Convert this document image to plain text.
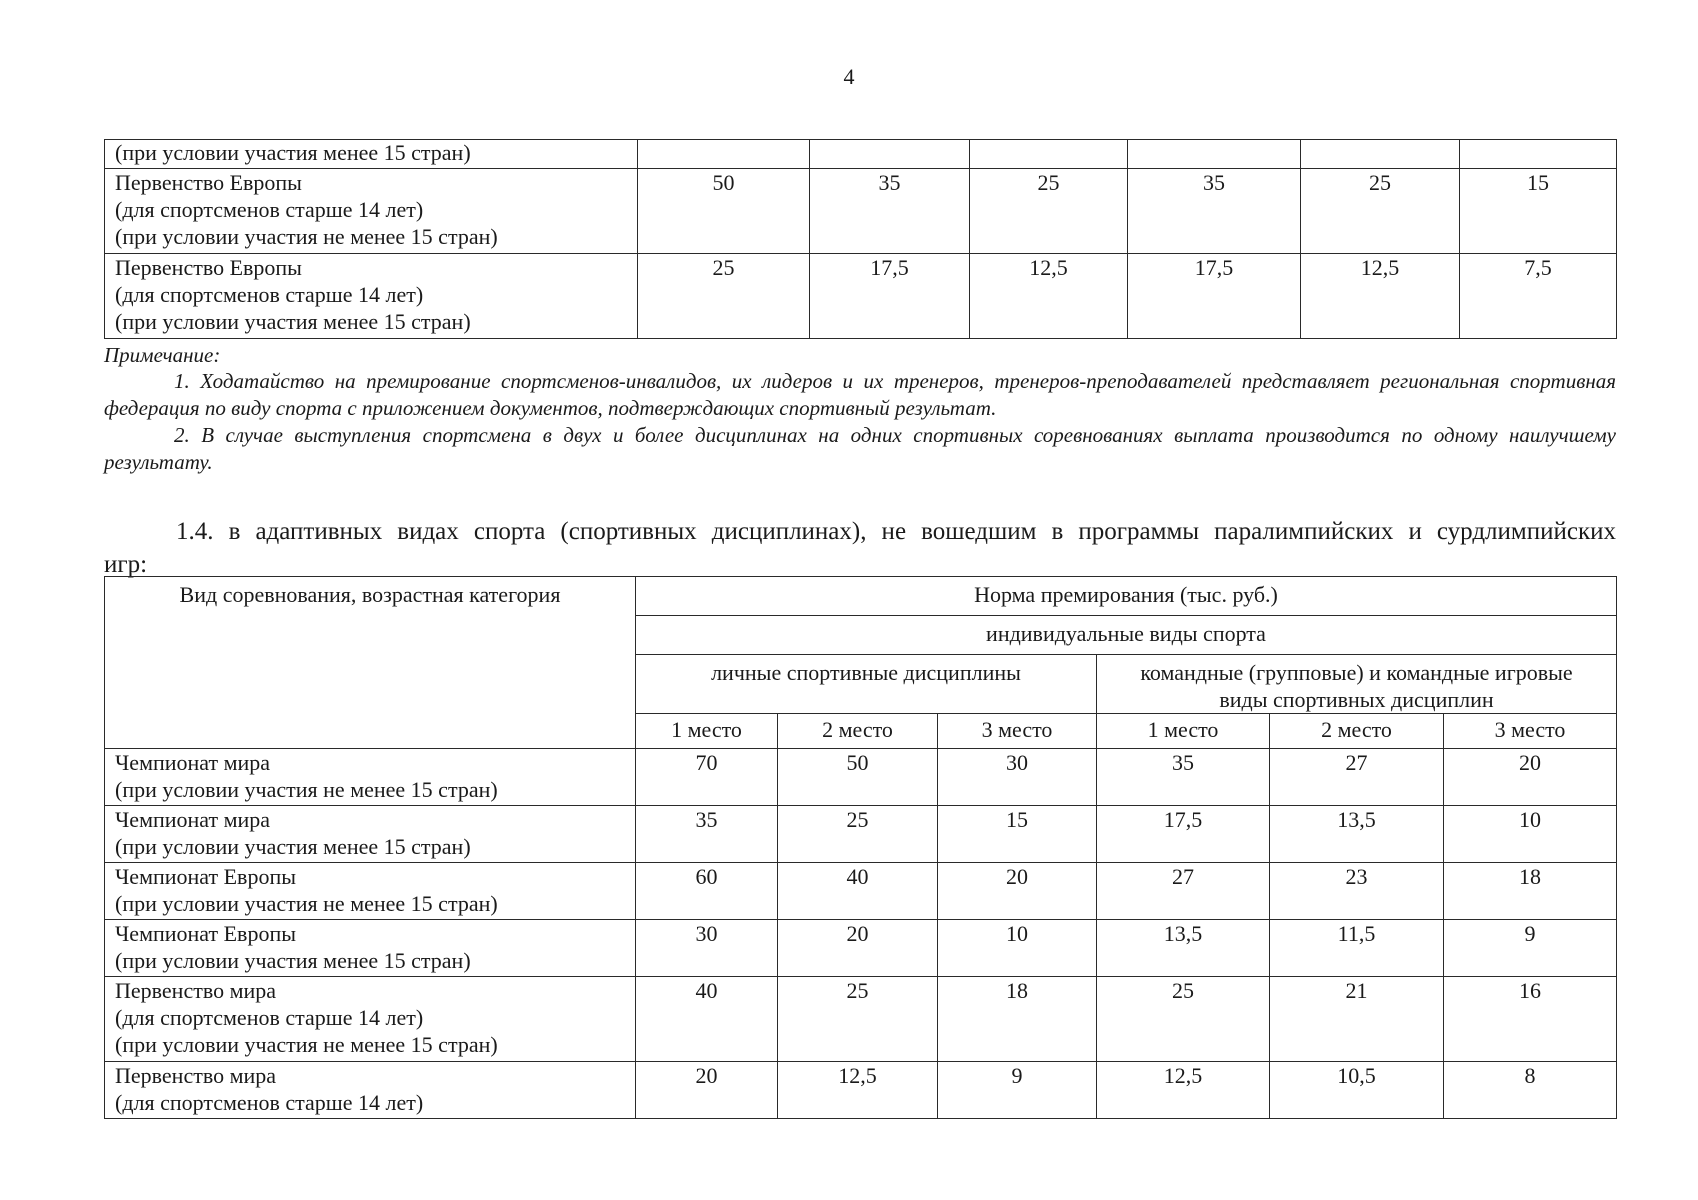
4
(при условии участия менее 15 стран)						

Первенство Европы
(для спортсменов старше 14 лет)
(при условии участия не менее 15 стран)	50	35	25	35	25	15

Первенство Европы
(для спортсменов старше 14 лет)
(при условии участия менее 15 стран)	25	17,5	12,5	17,5	12,5	7,5
Примечание:
1. Ходатайство на премирование спортсменов-инвалидов, их лидеров и их тренеров, тренеров-преподавателей представляет региональная спортивная федерация по виду спорта с приложением документов, подтверждающих спортивный результат.
2. В случае выступления спортсмена в двух и более дисциплинах на одних спортивных соревнованиях выплата производится по одному наилучшему результату.
1.4. в адаптивных видах спорта (спортивных дисциплинах), не вошедшим в программы паралимпийских и сурдлимпийских игр:
Вид соревнования, возрастная категория	Норма премирования (тыс. руб.)					
	индивидуальные виды спорта					
	личные спортивные дисциплины			командные (групповые) и командные игровые
виды спортивных дисциплин		

	1 место	2 место	3 место	1 место	2 место	3 место

Чемпионат мира
(при условии участия не менее 15 стран)	70	50	30	35	27	20

Чемпионат мира
(при условии участия менее 15 стран)	35	25	15	17,5	13,5	10

Чемпионат Европы
(при условии участия не менее 15 стран)	60	40	20	27	23	18

Чемпионат Европы
(при условии участия менее 15 стран)	30	20	10	13,5	11,5	9

Первенство мира
(для спортсменов старше 14 лет)
(при условии участия не менее 15 стран)	40	25	18	25	21	16

Первенство мира
(для спортсменов старше 14 лет)	20	12,5	9	12,5	10,5	8
